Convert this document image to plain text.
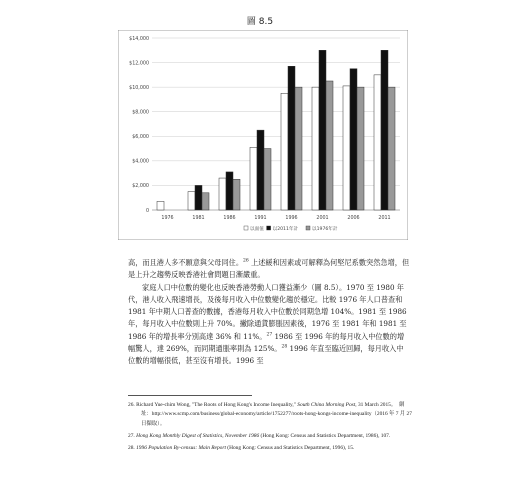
圖 8.5
0
$2,000
$4,000
$6,000
$8,000
$10,000
$12,000
$14,000
1976	1981	1986	1991	1996	2001	2006	2011
以面值 以2011年計	以1976年計

高，而且港人多不願意與父母同住。$^{26}$ 上述緩和因素或可解釋為何堅尼系數突然急增，但是上升之趨勢反映香港社會問題日漸嚴重。

家庭人口中位數的變化也反映香港勞動人口獲益漸少（圖 8.5）。1970 至 1980 年代，港人收入飛速增長，及後每月收入中位數變化趨於穩定。比較 1976 年人口普查和 1981 年中期人口普查的數據，香港每月收入中位數於同期急增 104%。1981 至 1986 年，每月收入中位數則上升 70%。撇除通貨膨脹因素後，1976 至 1981 年和 1981 至 1986 年的增長率分別高達 36% 和 11%。$^{27}$ 1986 至 1996 年的每月收入中位數的增幅驚人，達 269%，而同期通脹率則為 125%。$^{28}$ 1996 年直至臨近回歸，每月收入中位數的增幅很低，甚至沒有增長。1996 至

26. Richard Yue-chim Wong, "The Roots of Hong Kong's Income Inequality," South China Morning Post, 31 March 2015。　網址：http://www.scmp.com/business/global-economy/article/1752277/roots-hong-kongs-income-inequality（2016 年 7 月 27 日擷取）。

27. Hong Kong Monthly Digest of Statistics, November 1986 (Hong Kong: Census and Statistics Department, 1986), 107.

28. 1996 Population By-census: Main Report (Hong Kong: Census and Statistics Department, 1996), 15.
